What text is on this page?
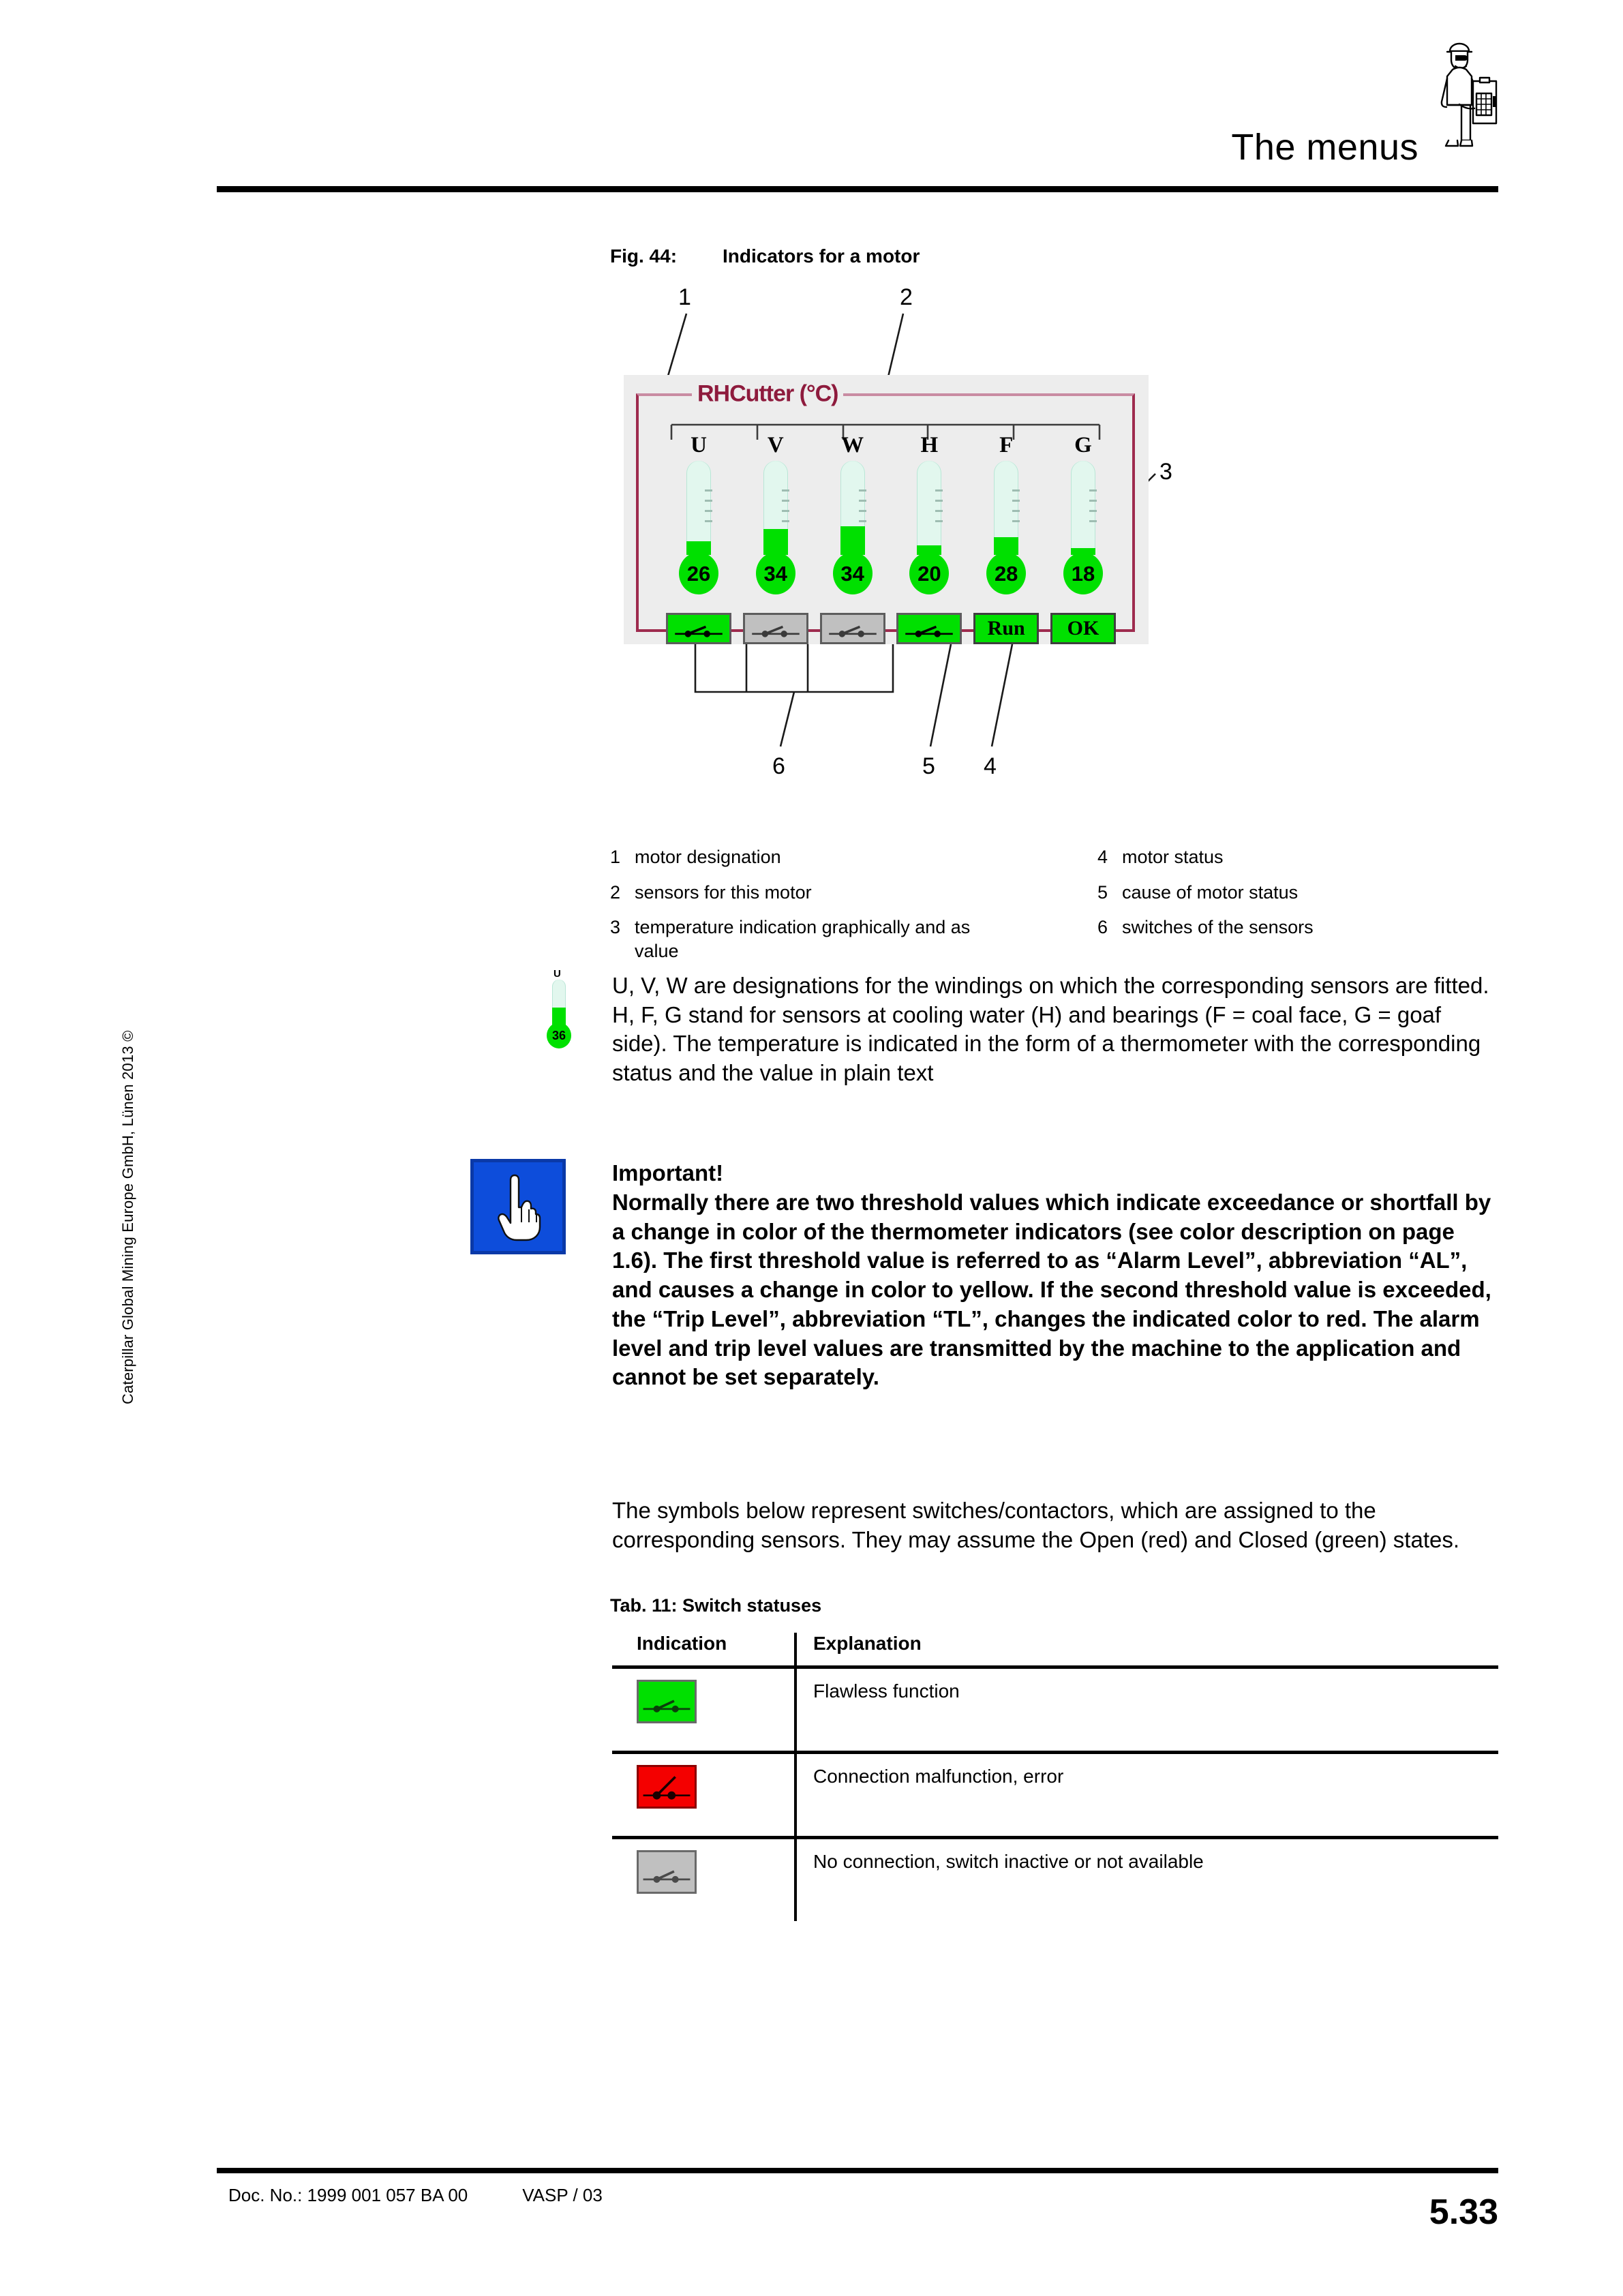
The menus
Caterpillar Global Mining Europe GmbH, Lünen 2013 ©
Fig. 44: Indicators for a motor
1	2
3
4
5
6
RHCutter (°C)
U
26
V
34
W
34
H
20
F
28
G
18
Run OK
1 motor designation
2 sensors for this motor
3 temperature indication graphically and as value
4 motor status
5 cause of motor status
6 switches of the sensors
U
36
U, V, W are designations for the windings on which the corresponding sensors are fitted. H, F, G stand for sensors at cooling water (H) and bearings (F = coal face, G = goaf side). The temperature is indicated in the form of a thermometer with the corresponding status and the value in plain text
Important!
Normally there are two threshold values which indicate exceedance or shortfall by a change in color of the thermometer indicators (see color description on page 1.6). The first threshold value is referred to as “Alarm Level”, abbreviation “AL”, and causes a change in color to yellow. If the second threshold value is exceeded, the “Trip Level”, abbreviation “TL”, changes the indicated color to red. The alarm level and trip level values are transmitted by the machine to the application and cannot be set separately.
The symbols below represent switches/contactors, which are assigned to the corresponding sensors. They may assume the Open (red) and Closed (green) states.
Tab. 11: Switch statuses
Indication	Explanation

Flawless function

Connection malfunction, error

No connection, switch inactive or not available
Doc. No.: 1999 001 057 BA 00	VASP / 03	5.33
